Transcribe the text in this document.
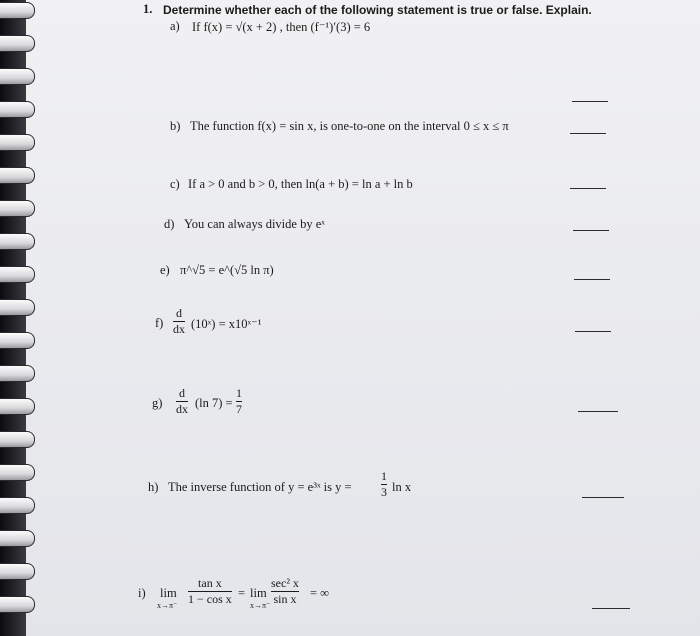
1. Determine whether each of the following statement is true or false. Explain.
a) If f(x) = √(x + 2) , then (f⁻¹)′(3) = 6
b) The function f(x) = sin x, is one-to-one on the interval 0 ≤ x ≤ π
c) If a > 0 and b > 0, then ln(a + b) = ln a + ln b
d) You can always divide by eˣ
e) π^√5 = e^(√5 ln π)
f)
d
dx (10ˣ) = x10ˣ⁻¹
g)
d
dx (ln 7) =
1
7
h) The inverse function of y = e³ˣ is y =
1
3 ln x
i) lim
x→π⁻
tan x
1 − cos x = lim
x→π⁻
sec² x
sin x = ∞
